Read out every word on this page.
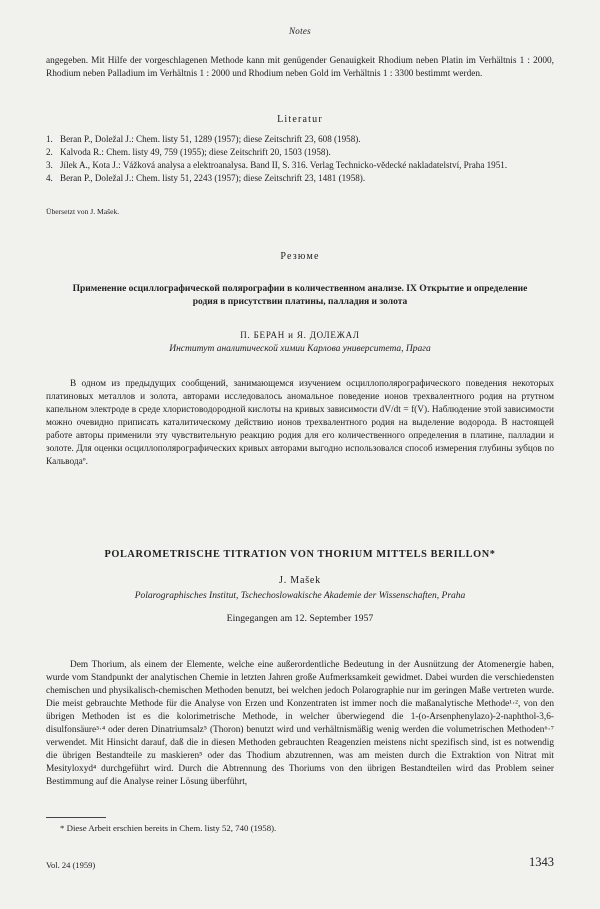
Notes

angegeben. Mit Hilfe der vorgeschlagenen Methode kann mit genügender Genauigkeit Rhodium neben Platin im Verhältnis 1 : 2000, Rhodium neben Palladium im Verhältnis 1 : 2000 und Rhodium neben Gold im Verhältnis 1 : 3300 bestimmt werden.

Literatur
1. Beran P., Doležal J.: Chem. listy 51, 1289 (1957); diese Zeitschrift 23, 608 (1958).
2. Kalvoda R.: Chem. listy 49, 759 (1955); diese Zeitschrift 20, 1503 (1958).
3. Jílek A., Kota J.: Vážková analysa a elektroanalysa. Band II, S. 316. Verlag Technicko-vědecké nakladatelství, Praha 1951.
4. Beran P., Doležal J.: Chem. listy 51, 2243 (1957); diese Zeitschrift 23, 1481 (1958).
Übersetzt von J. Mašek.
Резюме

Применение осциллографической полярографии в количественном анализе. IX Открытие и определение родия в присутствии платины, палладия и золота

П. БЕРАН и Я. ДОЛЕЖАЛ
Институт аналитической химии Карлова университета, Прага

В одном из предыдущих сообщений, занимающемся изучением осциллополярографического поведения некоторых платиновых металлов и золота, авторами исследовалось аномальное поведение ионов трехвалентного родия на ртутном капельном электроде в среде хлористоводородной кислоты на кривых зависимости dV/dt = f(V). Наблюдение этой зависимости можно очевидно приписать каталитическому действию ионов трехвалентного родия на выделение водорода. В настоящей работе авторы применили эту чувствительную реакцию родия для его количественного определения в платине, палладии и золоте. Для оценки осциллополярографических кривых авторами выгодно использовался способ измерения глубины зубцов по Кальводаº.

POLAROMETRISCHE TITRATION VON THORIUM MITTELS BERILLON*
J. Mašek
Polarographisches Institut, Tschechoslowakische Akademie der Wissenschaften, Praha
Eingegangen am 12. September 1957

Dem Thorium, als einem der Elemente, welche eine außerordentliche Bedeutung in der Ausnützung der Atomenergie haben, wurde vom Standpunkt der analytischen Chemie in letzten Jahren große Aufmerksamkeit gewidmet. Dabei wurden die verschiedensten chemischen und physikalisch-chemischen Methoden benutzt, bei welchen jedoch Polarographie nur im geringen Maße vertreten wurde. Die meist gebrauchte Methode für die Analyse von Erzen und Konzentraten ist immer noch die maßanalytische Methode¹·², von den übrigen Methoden ist es die kolorimetrische Methode, in welcher überwiegend die 1-(o-Arsenphenylazo)-2-naphthol-3,6-disulfonsäure³·⁴ oder deren Dinatriumsalz⁵ (Thoron) benutzt wird und verhältnismäßig wenig werden die volumetrischen Methoden⁶·⁷ verwendet. Mit Hinsicht darauf, daß die in diesen Methoden gebrauchten Reagenzien meistens nicht spezifisch sind, ist es notwendig die übrigen Bestandteile zu maskieren⁵ oder das Thodium abzutrennen, was am meisten durch die Extraktion von Nitrat mit Mesityloxyd⁴ durchgeführt wird. Durch die Abtrennung des Thoriums von den übrigen Bestandteilen wird das Problem seiner Bestimmung auf die Analyse reiner Lösung überführt,

* Diese Arbeit erschien bereits in Chem. listy 52, 740 (1958).
Vol. 24 (1959)	1343
